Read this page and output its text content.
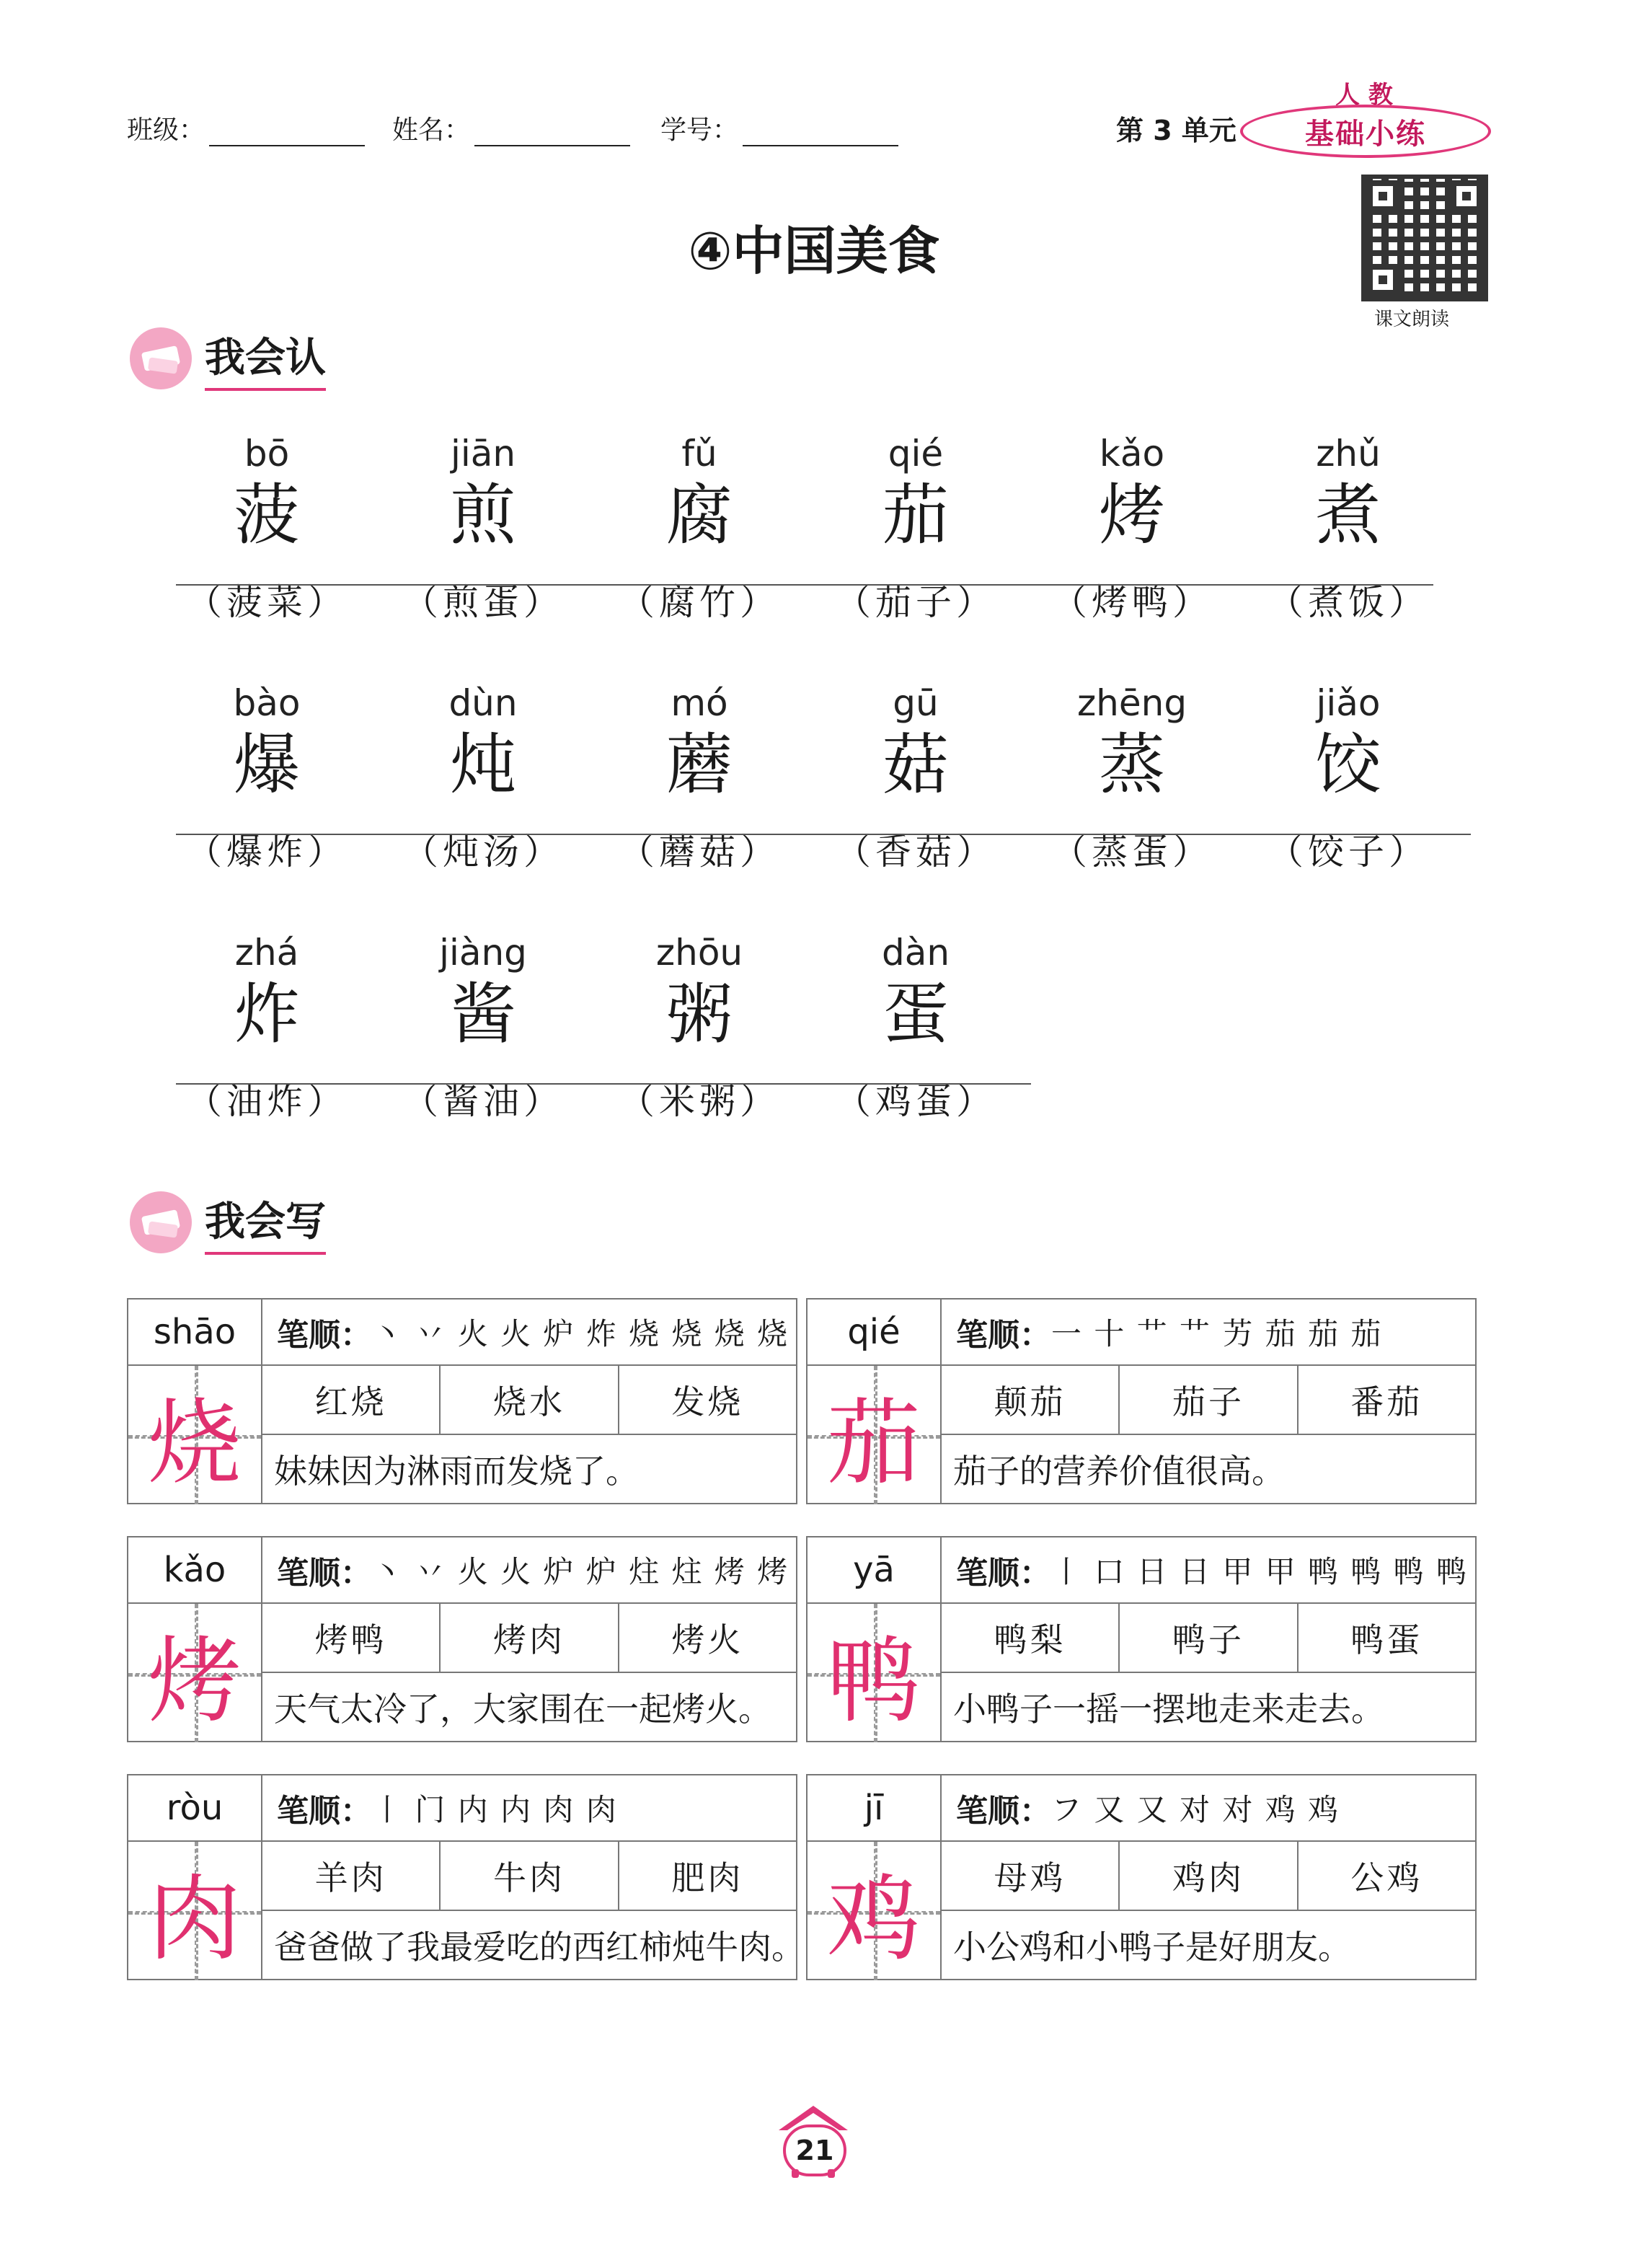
班级：	姓名：	学号：	第 3 单元
人 教
基础小练
课文朗读
④中国美食
我会认
bō
菠
（菠菜）
jiān
煎
（煎蛋）
fǔ
腐
（腐竹）
qié
茄
（茄子）
kǎo
烤
（烤鸭）
zhǔ
煮
（煮饭）
bào
爆
（爆炸）
dùn
炖
（炖汤）
mó
蘑
（蘑菇）
gū
菇
（香菇）
zhēng
蒸
（蒸蛋）
jiǎo
饺
（饺子）
zhá
炸
（油炸）
jiàng
酱
（酱油）
zhōu
粥
（米粥）
dàn
蛋
（鸡蛋）
我会写
shāo	笔顺： 丶 丷 火 火 炉 炸 烧 烧 烧 烧
烧	红烧	烧水	发烧
妹妹因为淋雨而发烧了。
qié	笔顺： 一 十 艹 艹 艻 茄 茄 茄
茄	颠茄	茄子	番茄
茄子的营养价值很高。
kǎo	笔顺： 丶 丷 火 火 炉 炉 炷 炷 烤 烤
烤	烤鸭	烤肉	烤火
天气太冷了，大家围在一起烤火。
yā	笔顺： 丨 口 日 日 甲 甲 鸭 鸭 鸭 鸭
鸭	鸭梨	鸭子	鸭蛋
小鸭子一摇一摆地走来走去。
ròu	笔顺： 丨 门 内 内 肉 肉
肉	羊肉	牛肉	肥肉
爸爸做了我最爱吃的西红柿炖牛肉。
jī	笔顺： フ 又 又 对 对 鸡 鸡
鸡	母鸡	鸡肉	公鸡
小公鸡和小鸭子是好朋友。
21
